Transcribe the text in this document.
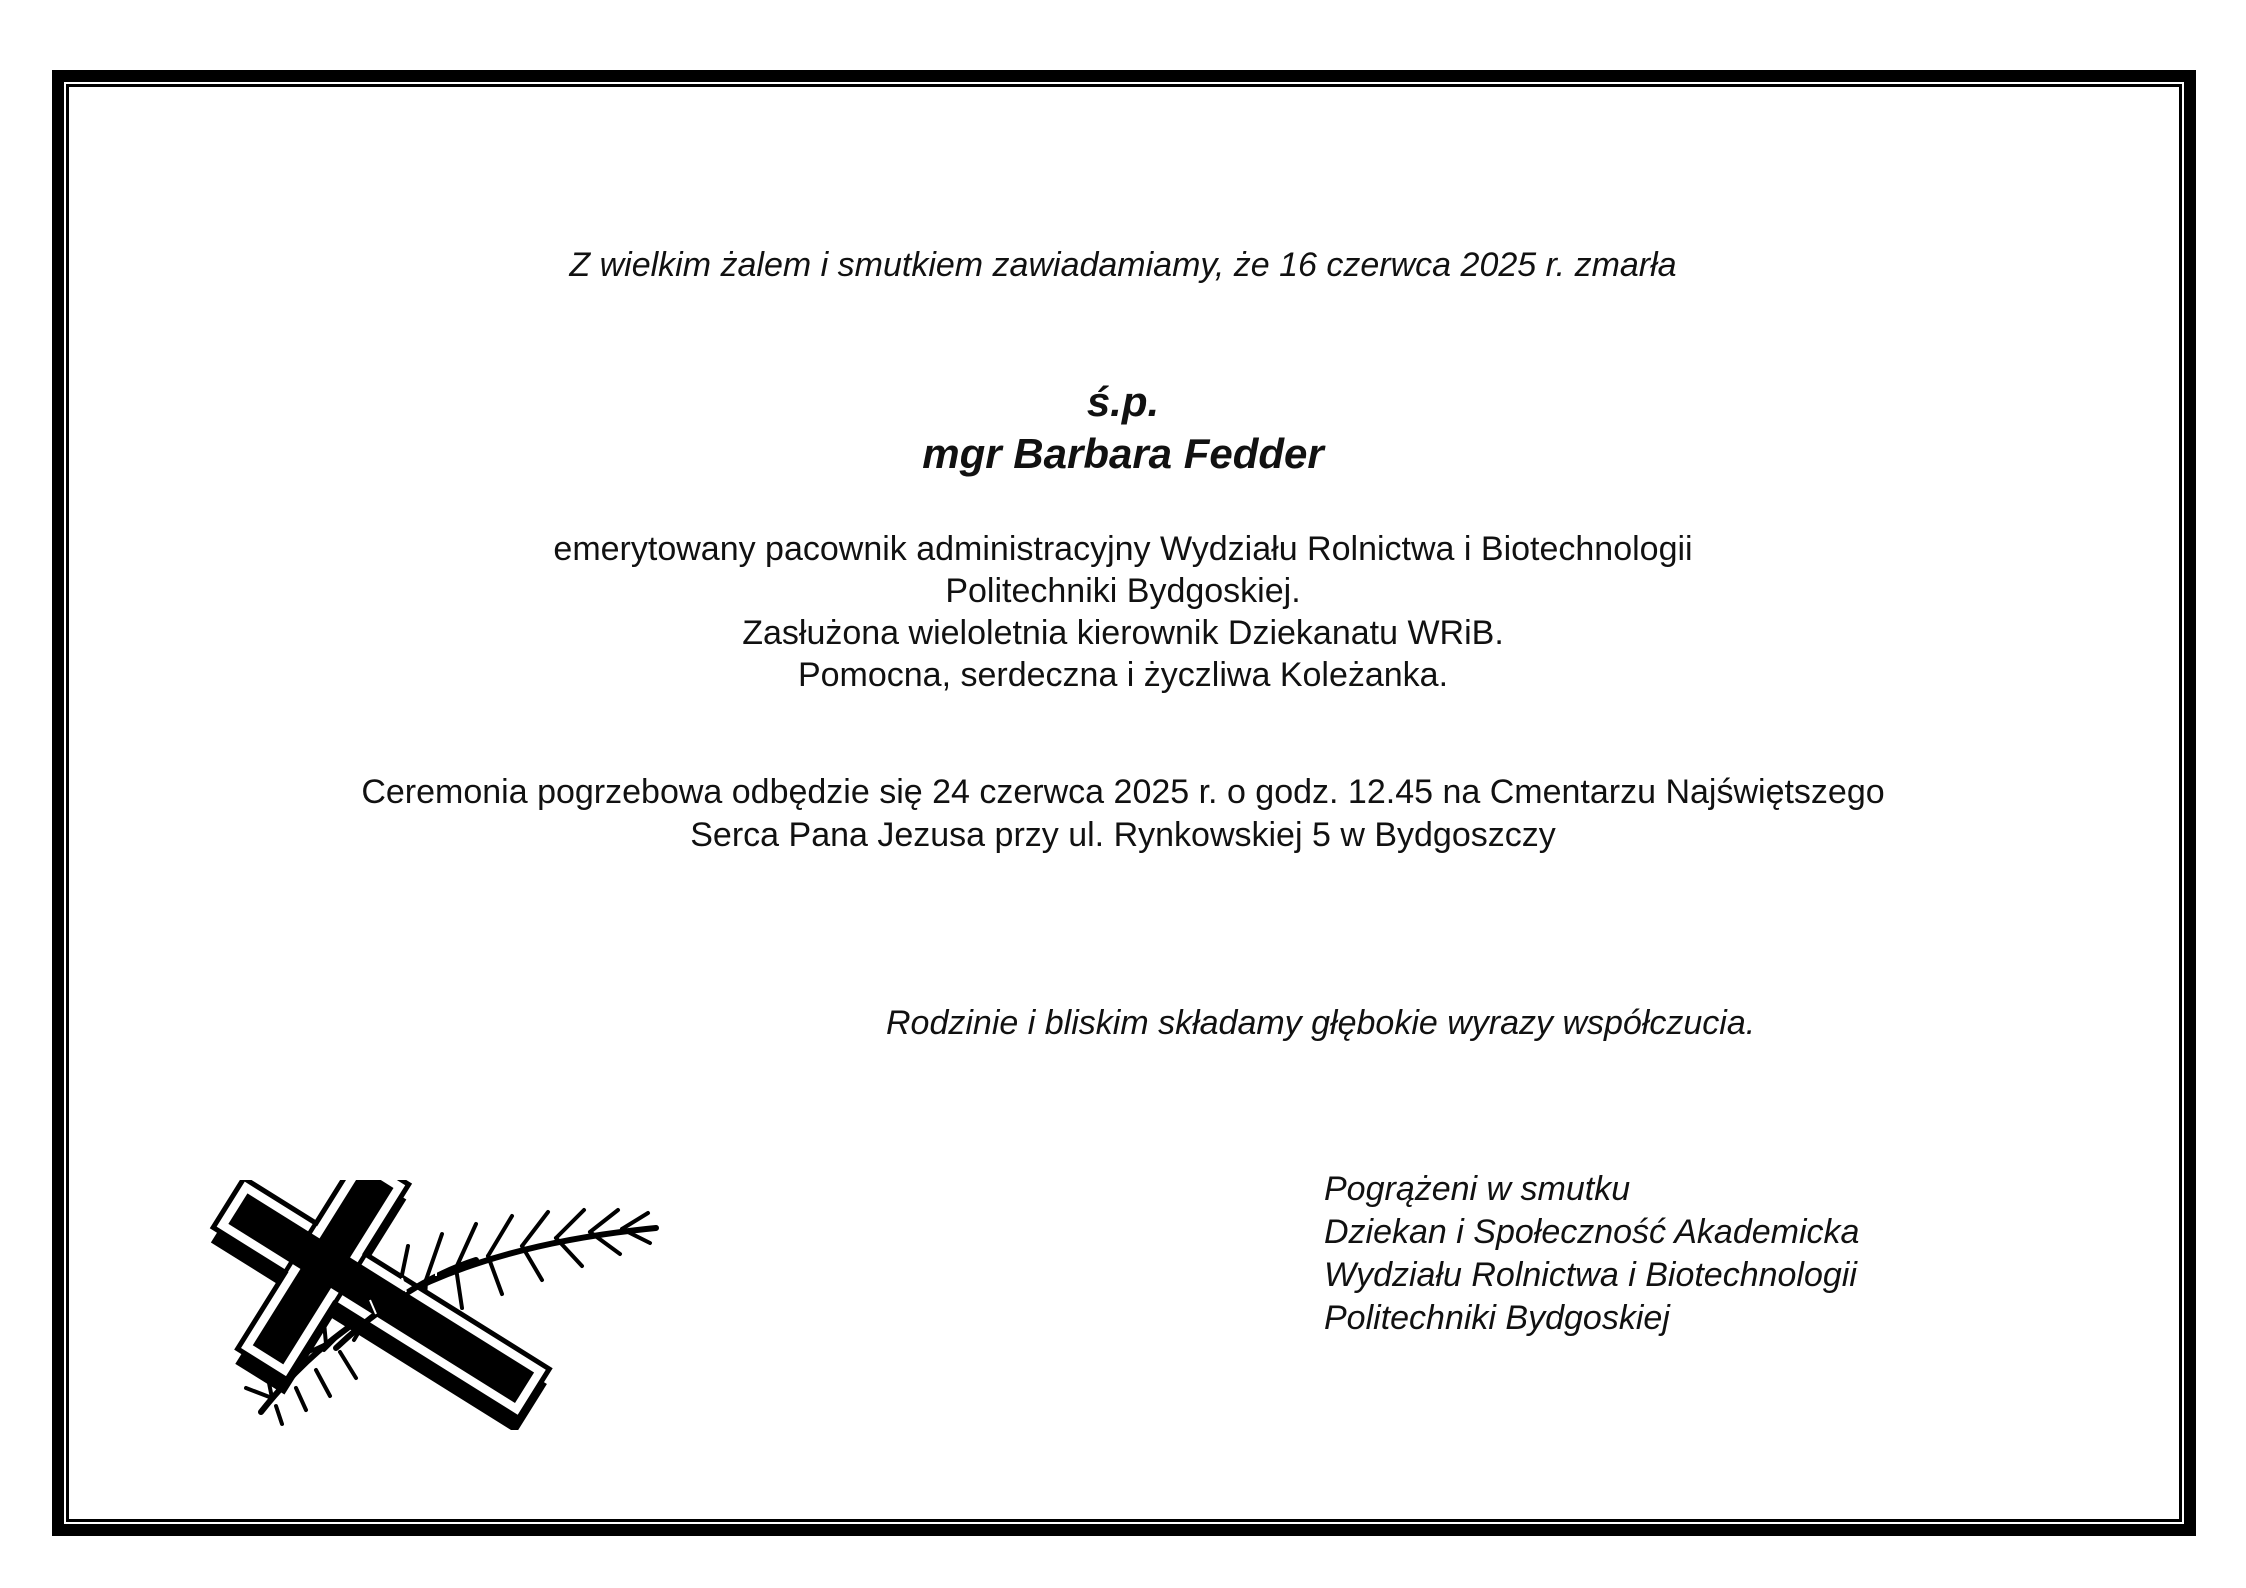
Z wielkim żalem i smutkiem zawiadamiamy, że 16 czerwca 2025 r. zmarła
ś.p.
mgr Barbara Fedder
emerytowany pacownik administracyjny Wydziału Rolnictwa i Biotechnologii
Politechniki Bydgoskiej.
Zasłużona wieloletnia kierownik Dziekanatu WRiB.
Pomocna, serdeczna i życzliwa Koleżanka.
Ceremonia pogrzebowa odbędzie się 24 czerwca 2025 r. o godz. 12.45 na Cmentarzu Najświętszego
Serca Pana Jezusa przy ul. Rynkowskiej 5 w Bydgoszczy
Rodzinie i bliskim składamy głębokie wyrazy współczucia.
Pogrążeni w smutku
Dziekan i Społeczność Akademicka
Wydziału Rolnictwa i Biotechnologii
Politechniki Bydgoskiej
